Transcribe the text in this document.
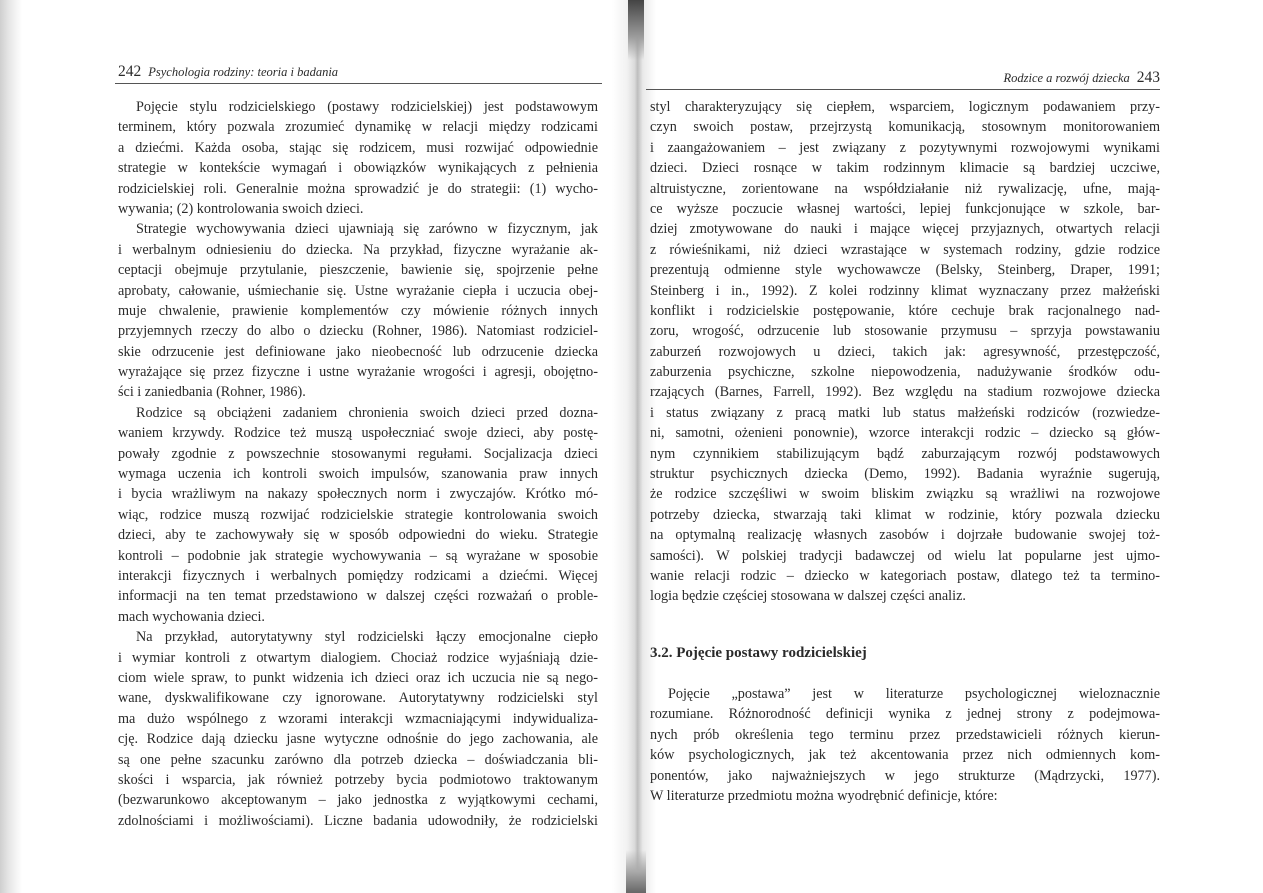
242 Psychologia rodziny: teoria i badania	Rodzice a rozwój dziecka 243
Pojęcie stylu rodzicielskiego (postawy rodzicielskiej) jest podstawowym
terminem, który pozwala zrozumieć dynamikę w relacji między rodzicami
a dziećmi. Każda osoba, stając się rodzicem, musi rozwijać odpowiednie
strategie w kontekście wymagań i obowiązków wynikających z pełnienia
rodzicielskiej roli. Generalnie można sprowadzić je do strategii: (1) wycho-
wywania; (2) kontrolowania swoich dzieci.
Strategie wychowywania dzieci ujawniają się zarówno w fizycznym, jak
i werbalnym odniesieniu do dziecka. Na przykład, fizyczne wyrażanie ak-
ceptacji obejmuje przytulanie, pieszczenie, bawienie się, spojrzenie pełne
aprobaty, całowanie, uśmiechanie się. Ustne wyrażanie ciepła i uczucia obej-
muje chwalenie, prawienie komplementów czy mówienie różnych innych
przyjemnych rzeczy do albo o dziecku (Rohner, 1986). Natomiast rodziciel-
skie odrzucenie jest definiowane jako nieobecność lub odrzucenie dziecka
wyrażające się przez fizyczne i ustne wyrażanie wrogości i agresji, obojętno-
ści i zaniedbania (Rohner, 1986).
Rodzice są obciążeni zadaniem chronienia swoich dzieci przed dozna-
waniem krzywdy. Rodzice też muszą uspołeczniać swoje dzieci, aby postę-
powały zgodnie z powszechnie stosowanymi regułami. Socjalizacja dzieci
wymaga uczenia ich kontroli swoich impulsów, szanowania praw innych
i bycia wrażliwym na nakazy społecznych norm i zwyczajów. Krótko mó-
wiąc, rodzice muszą rozwijać rodzicielskie strategie kontrolowania swoich
dzieci, aby te zachowywały się w sposób odpowiedni do wieku. Strategie
kontroli – podobnie jak strategie wychowywania – są wyrażane w sposobie
interakcji fizycznych i werbalnych pomiędzy rodzicami a dziećmi. Więcej
informacji na ten temat przedstawiono w dalszej części rozważań o proble-
mach wychowania dzieci.
Na przykład, autorytatywny styl rodzicielski łączy emocjonalne ciepło
i wymiar kontroli z otwartym dialogiem. Chociaż rodzice wyjaśniają dzie-
ciom wiele spraw, to punkt widzenia ich dzieci oraz ich uczucia nie są nego-
wane, dyskwalifikowane czy ignorowane. Autorytatywny rodzicielski styl
ma dużo wspólnego z wzorami interakcji wzmacniającymi indywidualiza-
cję. Rodzice dają dziecku jasne wytyczne odnośnie do jego zachowania, ale
są one pełne szacunku zarówno dla potrzeb dziecka – doświadczania bli-
skości i wsparcia, jak również potrzeby bycia podmiotowo traktowanym
(bezwarunkowo akceptowanym – jako jednostka z wyjątkowymi cechami,
zdolnościami i możliwościami). Liczne badania udowodniły, że rodzicielski
styl charakteryzujący się ciepłem, wsparciem, logicznym podawaniem przy-
czyn swoich postaw, przejrzystą komunikacją, stosownym monitorowaniem
i zaangażowaniem – jest związany z pozytywnymi rozwojowymi wynikami
dzieci. Dzieci rosnące w takim rodzinnym klimacie są bardziej uczciwe,
altruistyczne, zorientowane na współdziałanie niż rywalizację, ufne, mają-
ce wyższe poczucie własnej wartości, lepiej funkcjonujące w szkole, bar-
dziej zmotywowane do nauki i mające więcej przyjaznych, otwartych relacji
z rówieśnikami, niż dzieci wzrastające w systemach rodziny, gdzie rodzice
prezentują odmienne style wychowawcze (Belsky, Steinberg, Draper, 1991;
Steinberg i in., 1992). Z kolei rodzinny klimat wyznaczany przez małżeński
konflikt i rodzicielskie postępowanie, które cechuje brak racjonalnego nad-
zoru, wrogość, odrzucenie lub stosowanie przymusu – sprzyja powstawaniu
zaburzeń rozwojowych u dzieci, takich jak: agresywność, przestępczość,
zaburzenia psychiczne, szkolne niepowodzenia, nadużywanie środków odu-
rzających (Barnes, Farrell, 1992). Bez względu na stadium rozwojowe dziecka
i status związany z pracą matki lub status małżeński rodziców (rozwiedze-
ni, samotni, ożenieni ponownie), wzorce interakcji rodzic – dziecko są głów-
nym czynnikiem stabilizującym bądź zaburzającym rozwój podstawowych
struktur psychicznych dziecka (Demo, 1992). Badania wyraźnie sugerują,
że rodzice szczęśliwi w swoim bliskim związku są wrażliwi na rozwojowe
potrzeby dziecka, stwarzają taki klimat w rodzinie, który pozwala dziecku
na optymalną realizację własnych zasobów i dojrzałe budowanie swojej toż-
samości). W polskiej tradycji badawczej od wielu lat popularne jest ujmo-
wanie relacji rodzic – dziecko w kategoriach postaw, dlatego też ta termino-
logia będzie częściej stosowana w dalszej części analiz.
3.2. Pojęcie postawy rodzicielskiej
Pojęcie „postawa” jest w literaturze psychologicznej wieloznacznie
rozumiane. Różnorodność definicji wynika z jednej strony z podejmowa-
nych prób określenia tego terminu przez przedstawicieli różnych kierun-
ków psychologicznych, jak też akcentowania przez nich odmiennych kom-
ponentów, jako najważniejszych w jego strukturze (Mądrzycki, 1977).
W literaturze przedmiotu można wyodrębnić definicje, które:
